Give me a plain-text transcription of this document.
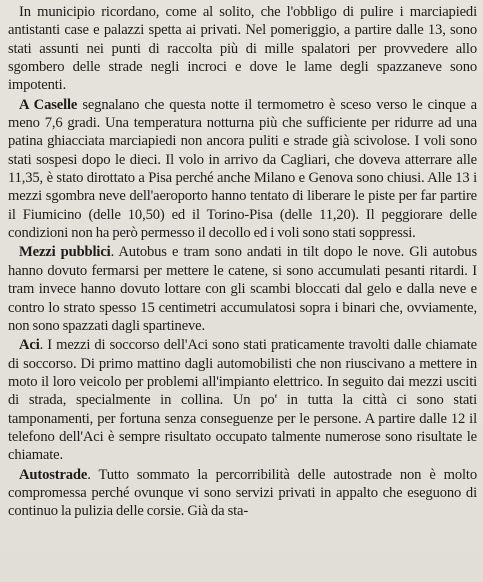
In municipio ricordano, come al solito, che l'obbligo di pulire i marciapiedi antistanti case e palazzi spetta ai privati. Nel pomeriggio, a partire dalle 13, sono stati assunti nei punti di raccolta più di mille spalatori per provvedere allo sgombero delle strade negli incroci e dove le lame degli spazzaneve sono impotenti.

A Caselle segnalano che questa notte il termometro è sceso verso le cinque a meno 7,6 gradi. Una temperatura notturna più che sufficiente per ridurre ad una patina ghiacciata marciapiedi non ancora puliti e strade già scivolose. I voli sono stati sospesi dopo le dieci. Il volo in arrivo da Cagliari, che doveva atterrare alle 11,35, è stato dirottato a Pisa perché anche Milano e Genova sono chiusi. Alle 13 i mezzi sgombra neve dell'aeroporto hanno tentato di liberare le piste per far partire il Fiumicino (delle 10,50) ed il Torino-Pisa (delle 11,20). Il peggiorare delle condizioni non ha però permesso il decollo ed i voli sono stati soppressi.

Mezzi pubblici. Autobus e tram sono andati in tilt dopo le nove. Gli autobus hanno dovuto fermarsi per mettere le catene, si sono accumulati pesanti ritardi. I tram invece hanno dovuto lottare con gli scambi bloccati dal gelo e dalla neve e contro lo strato spesso 15 centimetri accumulatosi sopra i binari che, ovviamente, non sono spazzati dagli spartineve.

Aci. I mezzi di soccorso dell'Aci sono stati praticamente travolti dalle chiamate di soccorso. Di primo mattino dagli automobilisti che non riuscivano a mettere in moto il loro veicolo per problemi all'impianto elettrico. In seguito dai mezzi usciti di strada, specialmente in collina. Un po' in tutta la città ci sono stati tamponamenti, per fortuna senza conseguenze per le persone. A partire dalle 12 il telefono dell'Aci è sempre risultato occupato talmente numerose sono risultate le chiamate.

Autostrade. Tutto sommato la percorribilità delle autostrade non è molto compromessa perché ovunque vi sono servizi privati in appalto che eseguono di continuo la pulizia delle corsie. Già da sta-
